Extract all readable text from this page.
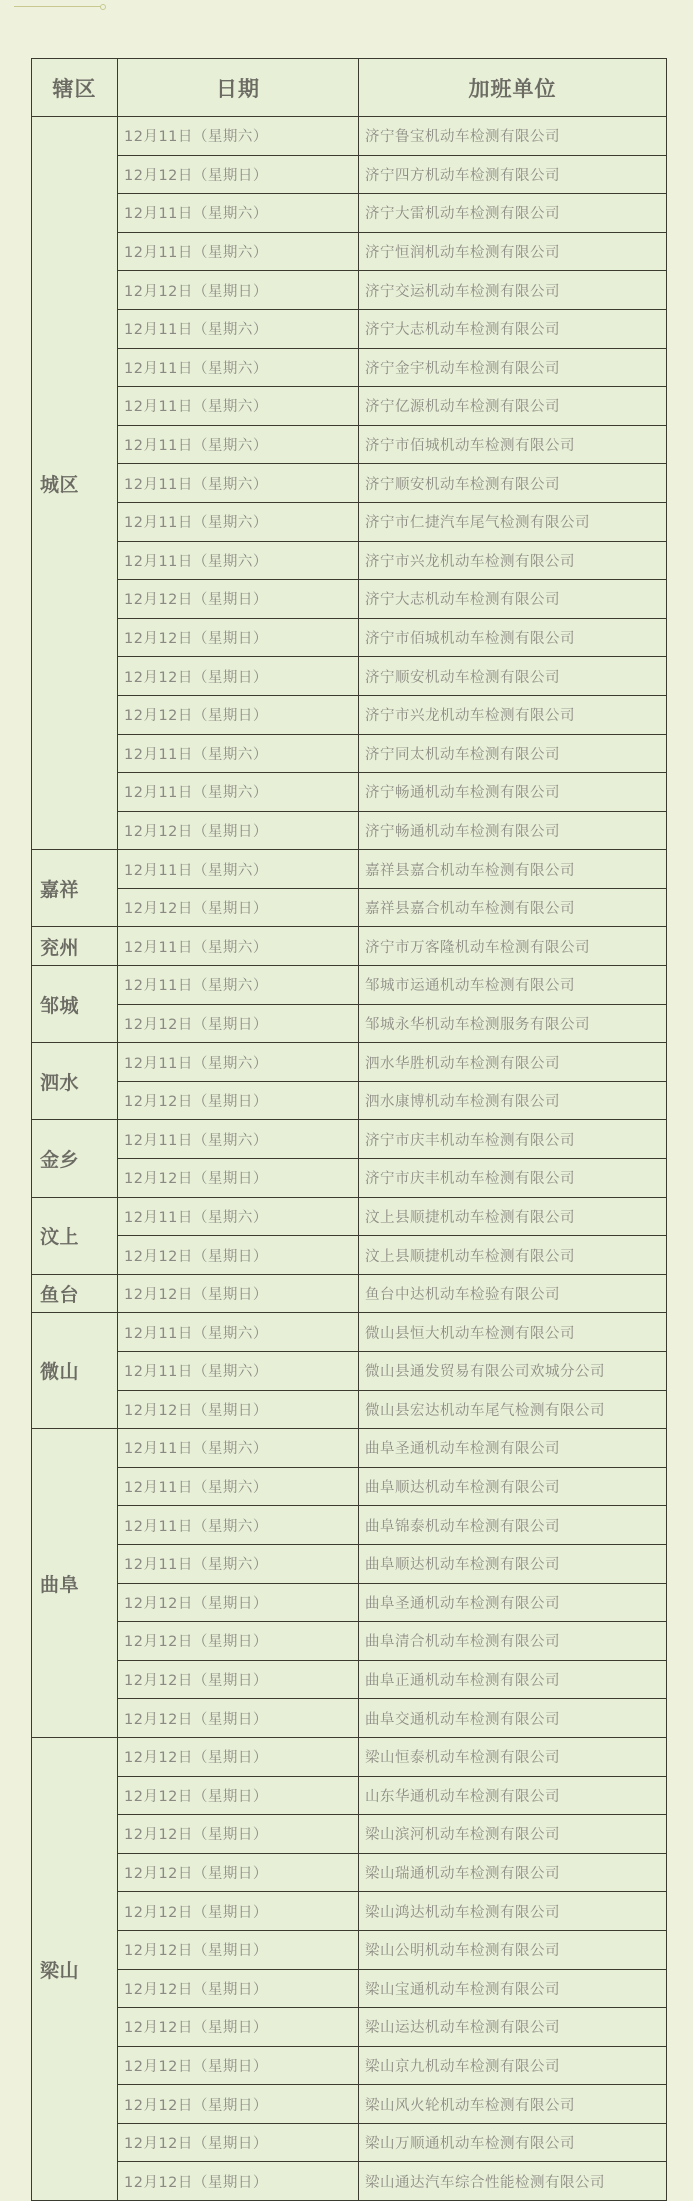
辖区	日期	加班单位
城区	12月11日（星期六）	济宁鲁宝机动车检测有限公司
	12月12日（星期日）	济宁四方机动车检测有限公司
	12月11日（星期六）	济宁大雷机动车检测有限公司
	12月11日（星期六）	济宁恒润机动车检测有限公司
	12月12日（星期日）	济宁交运机动车检测有限公司
	12月11日（星期六）	济宁大志机动车检测有限公司
	12月11日（星期六）	济宁金宇机动车检测有限公司
	12月11日（星期六）	济宁亿源机动车检测有限公司
	12月11日（星期六）	济宁市佰城机动车检测有限公司
	12月11日（星期六）	济宁顺安机动车检测有限公司
	12月11日（星期六）	济宁市仁捷汽车尾气检测有限公司
	12月11日（星期六）	济宁市兴龙机动车检测有限公司
	12月12日（星期日）	济宁大志机动车检测有限公司
	12月12日（星期日）	济宁市佰城机动车检测有限公司
	12月12日（星期日）	济宁顺安机动车检测有限公司
	12月12日（星期日）	济宁市兴龙机动车检测有限公司
	12月11日（星期六）	济宁同太机动车检测有限公司
	12月11日（星期六）	济宁畅通机动车检测有限公司
	12月12日（星期日）	济宁畅通机动车检测有限公司
嘉祥	12月11日（星期六）	嘉祥县嘉合机动车检测有限公司
	12月12日（星期日）	嘉祥县嘉合机动车检测有限公司
兖州	12月11日（星期六）	济宁市万客隆机动车检测有限公司
邹城	12月11日（星期六）	邹城市运通机动车检测有限公司
	12月12日（星期日）	邹城永华机动车检测服务有限公司
泗水	12月11日（星期六）	泗水华胜机动车检测有限公司
	12月12日（星期日）	泗水康博机动车检测有限公司
金乡	12月11日（星期六）	济宁市庆丰机动车检测有限公司
	12月12日（星期日）	济宁市庆丰机动车检测有限公司
汶上	12月11日（星期六）	汶上县顺捷机动车检测有限公司
	12月12日（星期日）	汶上县顺捷机动车检测有限公司
鱼台	12月12日（星期日）	鱼台中达机动车检验有限公司
微山	12月11日（星期六）	微山县恒大机动车检测有限公司
	12月11日（星期六）	微山县通发贸易有限公司欢城分公司
	12月12日（星期日）	微山县宏达机动车尾气检测有限公司
曲阜	12月11日（星期六）	曲阜圣通机动车检测有限公司
	12月11日（星期六）	曲阜顺达机动车检测有限公司
	12月11日（星期六）	曲阜锦泰机动车检测有限公司
	12月11日（星期六）	曲阜顺达机动车检测有限公司
	12月12日（星期日）	曲阜圣通机动车检测有限公司
	12月12日（星期日）	曲阜清合机动车检测有限公司
	12月12日（星期日）	曲阜正通机动车检测有限公司
	12月12日（星期日）	曲阜交通机动车检测有限公司
梁山	12月12日（星期日）	梁山恒泰机动车检测有限公司
	12月12日（星期日）	山东华通机动车检测有限公司
	12月12日（星期日）	梁山滨河机动车检测有限公司
	12月12日（星期日）	梁山瑞通机动车检测有限公司
	12月12日（星期日）	梁山鸿达机动车检测有限公司
	12月12日（星期日）	梁山公明机动车检测有限公司
	12月12日（星期日）	梁山宝通机动车检测有限公司
	12月12日（星期日）	梁山运达机动车检测有限公司
	12月12日（星期日）	梁山京九机动车检测有限公司
	12月12日（星期日）	梁山风火轮机动车检测有限公司
	12月12日（星期日）	梁山万顺通机动车检测有限公司
	12月12日（星期日）	梁山通达汽车综合性能检测有限公司
